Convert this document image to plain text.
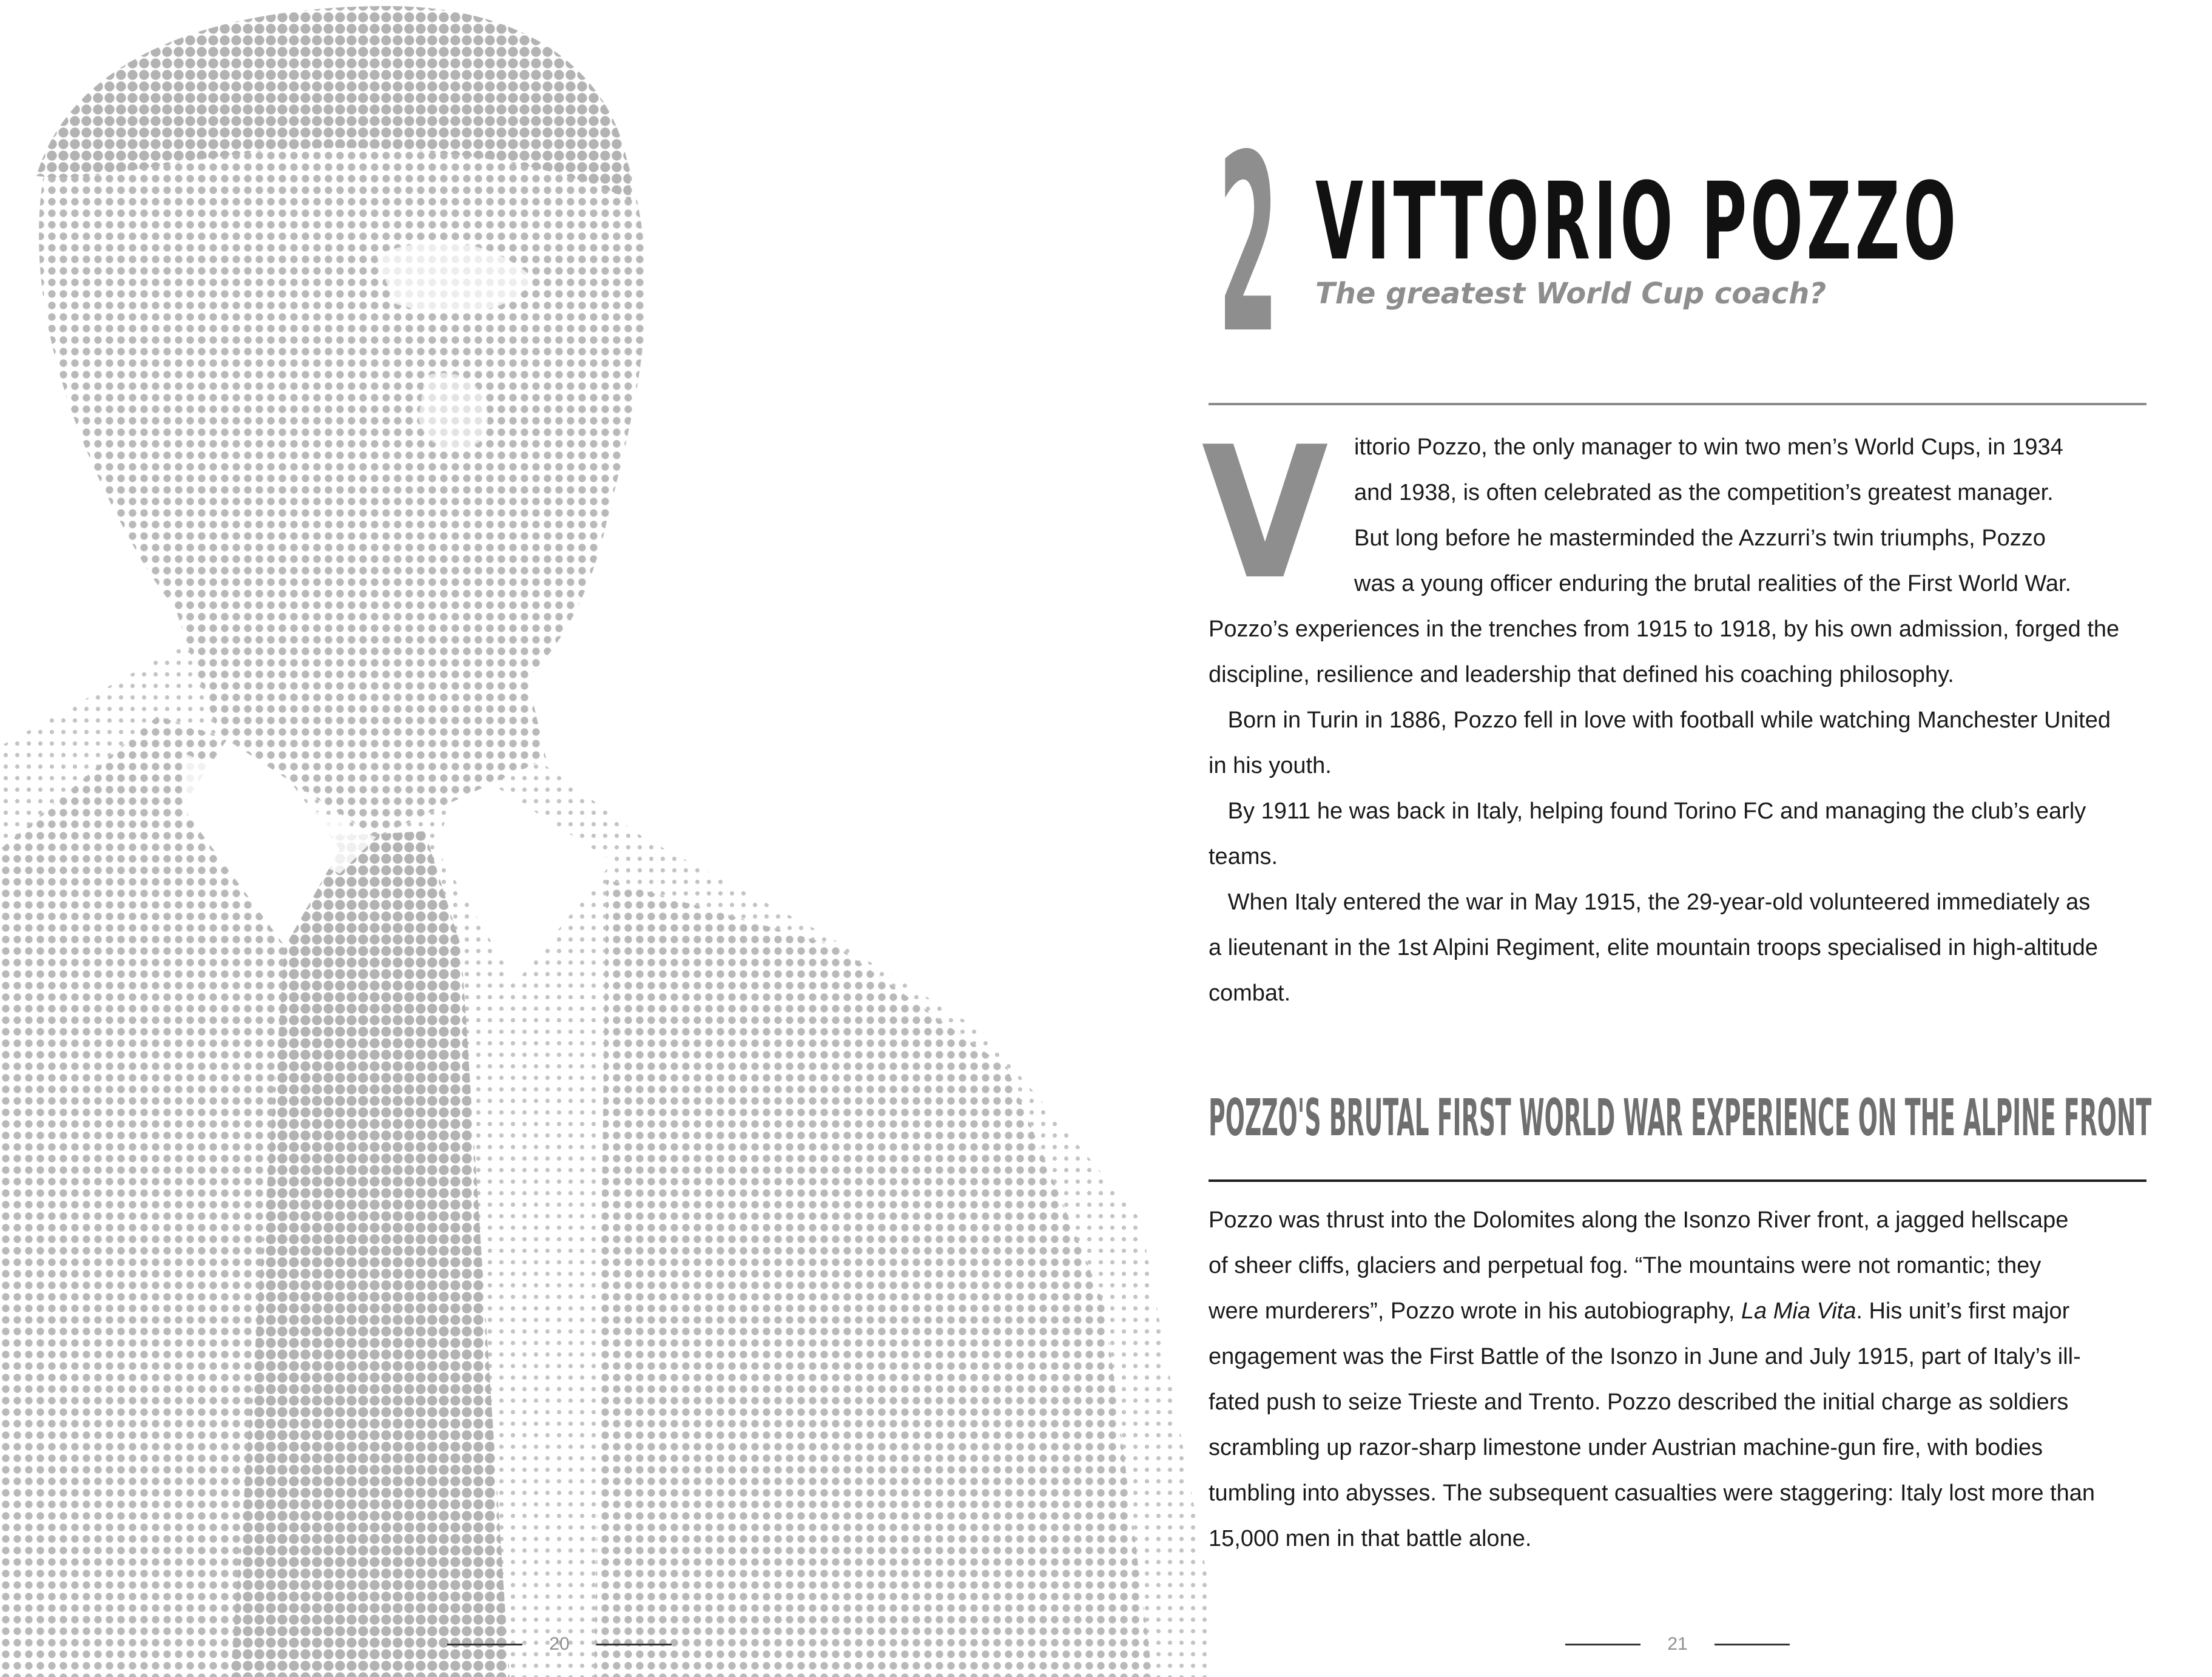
20
2 VITTORIO POZZO
The greatest World Cup coach?
V ittorio Pozzo, the only manager to win two men’s World Cups, in 1934
and 1938, is often celebrated as the competition’s greatest manager.
But long before he masterminded the Azzurri’s twin triumphs, Pozzo
was a young officer enduring the brutal realities of the First World War.
Pozzo’s experiences in the trenches from 1915 to 1918, by his own admission, forged the
discipline, resilience and leadership that defined his coaching philosophy.
Born in Turin in 1886, Pozzo fell in love with football while watching Manchester United
in his youth.
By 1911 he was back in Italy, helping found Torino FC and managing the club’s early
teams.
When Italy entered the war in May 1915, the 29-year-old volunteered immediately as
a lieutenant in the 1st Alpini Regiment, elite mountain troops specialised in high-altitude
combat.
POZZO'S BRUTAL FIRST WORLD WAR EXPERIENCE ON THE ALPINE FRONT
Pozzo was thrust into the Dolomites along the Isonzo River front, a jagged hellscape
of sheer cliffs, glaciers and perpetual fog. “The mountains were not romantic; they
were murderers”, Pozzo wrote in his autobiography, La Mia Vita. His unit’s first major
engagement was the First Battle of the Isonzo in June and July 1915, part of Italy’s ill-
fated push to seize Trieste and Trento. Pozzo described the initial charge as soldiers
scrambling up razor-sharp limestone under Austrian machine-gun fire, with bodies
tumbling into abysses. The subsequent casualties were staggering: Italy lost more than
15,000 men in that battle alone.
21
